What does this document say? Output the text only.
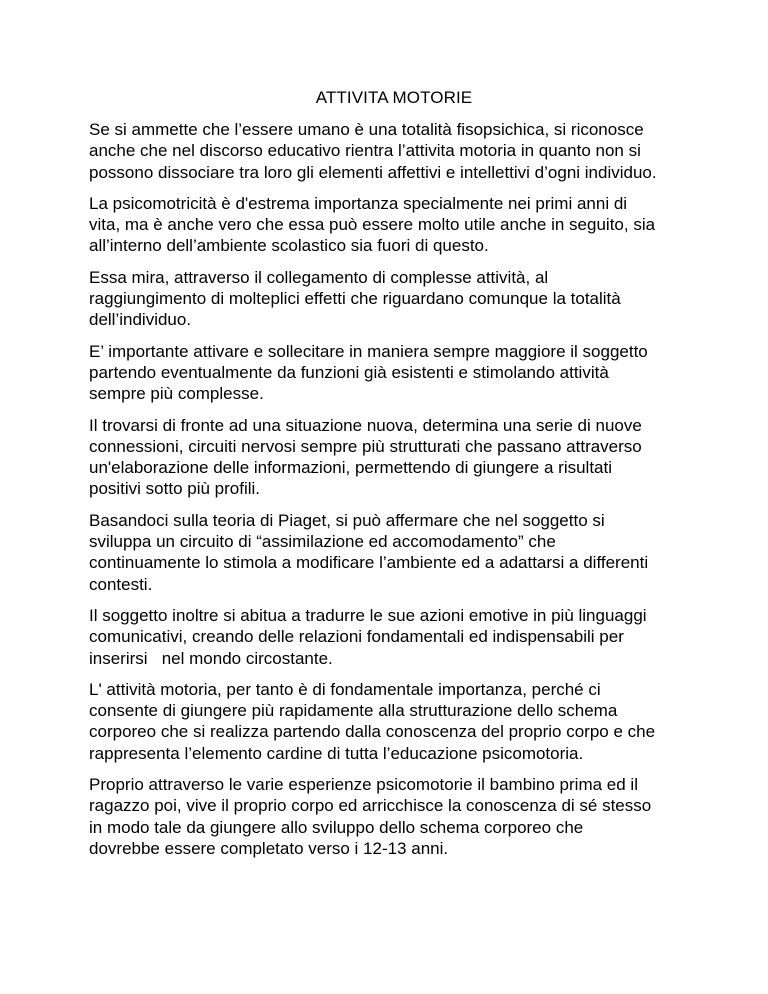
ATTIVITA MOTORIE
Se si ammette che l’essere umano è una totalità fisopsichica, si riconosce
anche che nel discorso educativo rientra l’attivita motoria in quanto non si
possono dissociare tra loro gli elementi affettivi e intellettivi d’ogni individuo.
La psicomotricità è d'estrema importanza specialmente nei primi anni di
vita, ma è anche vero che essa può essere molto utile anche in seguito, sia
all’interno dell’ambiente scolastico sia fuori di questo.
Essa mira, attraverso il collegamento di complesse attività, al
raggiungimento di molteplici effetti che riguardano comunque la totalità
dell’individuo.
E’ importante attivare e sollecitare in maniera sempre maggiore il soggetto
partendo eventualmente da funzioni già esistenti e stimolando attività
sempre più complesse.
Il trovarsi di fronte ad una situazione nuova, determina una serie di nuove
connessioni, circuiti nervosi sempre più strutturati che passano attraverso
un'elaborazione delle informazioni, permettendo di giungere a risultati
positivi sotto più profili.
Basandoci sulla teoria di Piaget, si può affermare che nel soggetto si
sviluppa un circuito di “assimilazione ed accomodamento” che
continuamente lo stimola a modificare l’ambiente ed a adattarsi a differenti
contesti.
Il soggetto inoltre si abitua a tradurre le sue azioni emotive in più linguaggi
comunicativi, creando delle relazioni fondamentali ed indispensabili per
inserirsi   nel mondo circostante.
L' attività motoria, per tanto è di fondamentale importanza, perché ci
consente di giungere più rapidamente alla strutturazione dello schema
corporeo che si realizza partendo dalla conoscenza del proprio corpo e che
rappresenta l’elemento cardine di tutta l’educazione psicomotoria.
Proprio attraverso le varie esperienze psicomotorie il bambino prima ed il
ragazzo poi, vive il proprio corpo ed arricchisce la conoscenza di sé stesso
in modo tale da giungere allo sviluppo dello schema corporeo che
dovrebbe essere completato verso i 12-13 anni.
